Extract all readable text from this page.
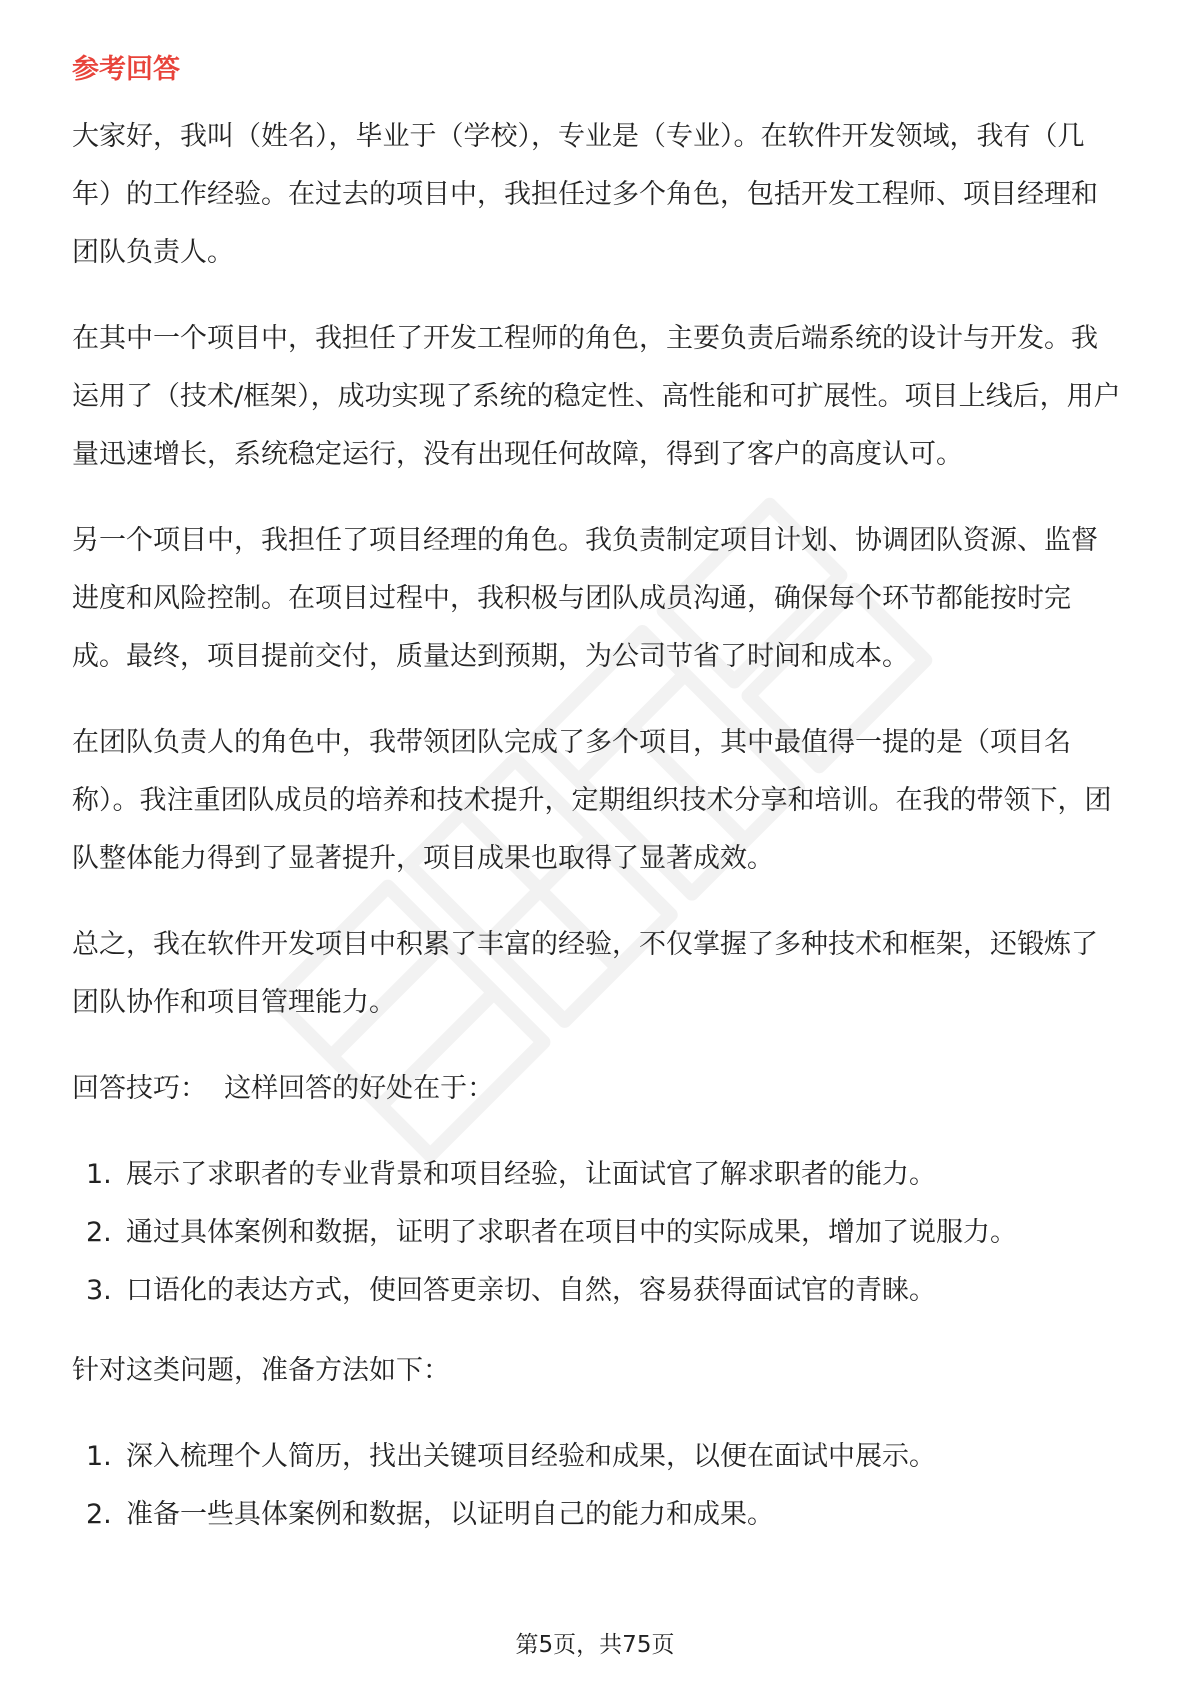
参考回答

大家好，我叫（姓名），毕业于（学校），专业是（专业）。在软件开发领域，我有（几年）的工作经验。在过去的项目中，我担任过多个角色，包括开发工程师、项目经理和团队负责人。

在其中一个项目中，我担任了开发工程师的角色，主要负责后端系统的设计与开发。我运用了（技术/框架），成功实现了系统的稳定性、高性能和可扩展性。项目上线后，用户量迅速增长，系统稳定运行，没有出现任何故障，得到了客户的高度认可。

另一个项目中，我担任了项目经理的角色。我负责制定项目计划、协调团队资源、监督进度和风险控制。在项目过程中，我积极与团队成员沟通，确保每个环节都能按时完成。最终，项目提前交付，质量达到预期，为公司节省了时间和成本。

在团队负责人的角色中，我带领团队完成了多个项目，其中最值得一提的是（项目名称）。我注重团队成员的培养和技术提升，定期组织技术分享和培训。在我的带领下，团队整体能力得到了显著提升，项目成果也取得了显著成效。

总之，我在软件开发项目中积累了丰富的经验，不仅掌握了多种技术和框架，还锻炼了团队协作和项目管理能力。

回答技巧：  这样回答的好处在于：

1. 展示了求职者的专业背景和项目经验，让面试官了解求职者的能力。
2. 通过具体案例和数据，证明了求职者在项目中的实际成果，增加了说服力。
3. 口语化的表达方式，使回答更亲切、自然，容易获得面试官的青睐。

针对这类问题，准备方法如下：

1. 深入梳理个人简历，找出关键项目经验和成果，以便在面试中展示。
2. 准备一些具体案例和数据，以证明自己的能力和成果。
第5页，共75页
